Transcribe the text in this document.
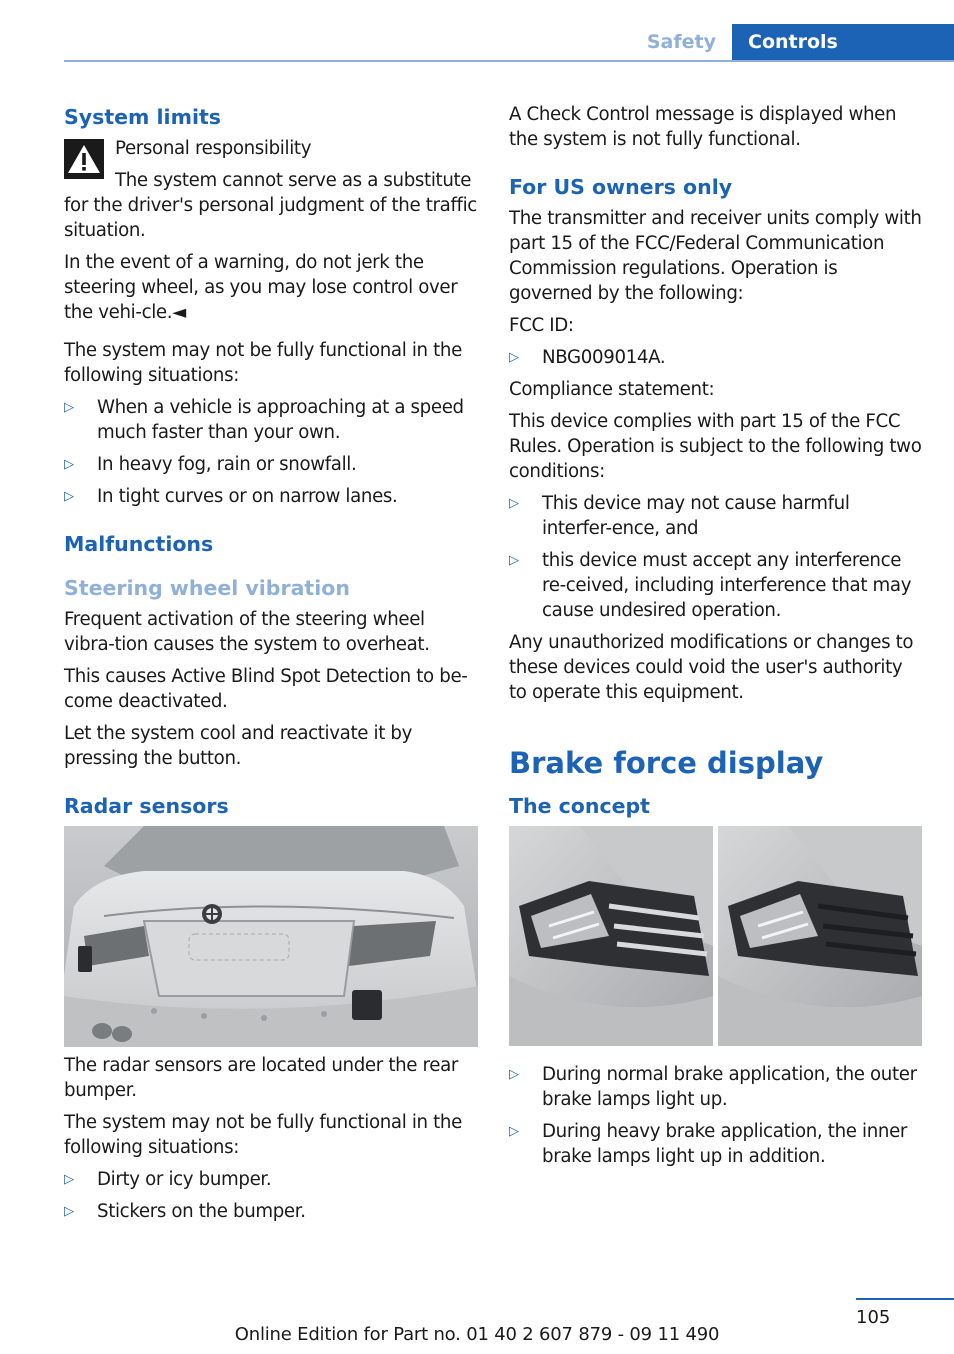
Safety	Controls
System limits

Personal responsibility

The system cannot serve as a substitute

for the driver's personal judgment of the traffic situation.

In the event of a warning, do not jerk the steering wheel, as you may lose control over the vehi-cle.◄

The system may not be fully functional in the following situations:

▷ When a vehicle is approaching at a speed much faster than your own.
▷ In heavy fog, rain or snowfall.
▷ In tight curves or on narrow lanes.
Malfunctions
Steering wheel vibration

Frequent activation of the steering wheel vibra-tion causes the system to overheat.

This causes Active Blind Spot Detection to be-come deactivated.

Let the system cool and reactivate it by pressing the button.

Radar sensors

The radar sensors are located under the rear bumper.

The system may not be fully functional in the following situations:

▷ Dirty or icy bumper.
▷ Stickers on the bumper.

A Check Control message is displayed when the system is not fully functional.

For US owners only

The transmitter and receiver units comply with part 15 of the FCC/Federal Communication Commission regulations. Operation is governed by the following:

FCC ID:

▷ NBG009014A.

Compliance statement:

This device complies with part 15 of the FCC Rules. Operation is subject to the following two conditions:

▷ This device may not cause harmful interfer-ence, and
▷ this device must accept any interference re-ceived, including interference that may cause undesired operation.

Any unauthorized modifications or changes to these devices could void the user's authority to operate this equipment.

Brake force display
The concept
▷ During normal brake application, the outer brake lamps light up.
▷ During heavy brake application, the inner brake lamps light up in addition.
105
Online Edition for Part no. 01 40 2 607 879 - 09 11 490
